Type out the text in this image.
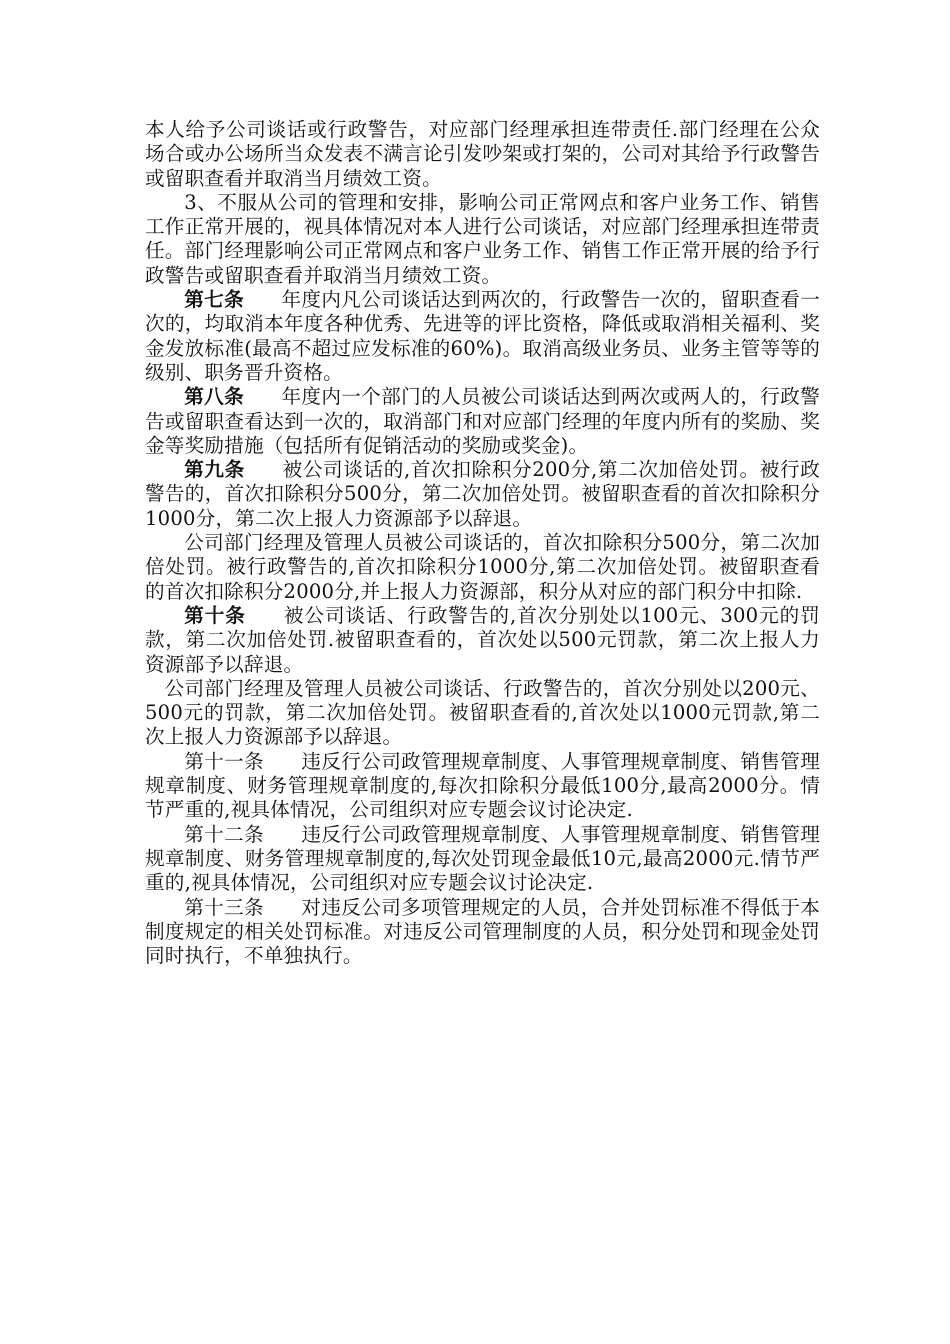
本人给予公司谈话或行政警告，对应部门经理承担连带责任.部门经理在公众场合或办公场所当众发表不满言论引发吵架或打架的，公司对其给予行政警告或留职查看并取消当月绩效工资。

3、不服从公司的管理和安排，影响公司正常网点和客户业务工作、销售工作正常开展的，视具体情况对本人进行公司谈话，对应部门经理承担连带责任。部门经理影响公司正常网点和客户业务工作、销售工作正常开展的给予行政警告或留职查看并取消当月绩效工资。

第七条 年度内凡公司谈话达到两次的，行政警告一次的，留职查看一次的，均取消本年度各种优秀、先进等的评比资格，降低或取消相关福利、奖金发放标准(最高不超过应发标准的60%)。取消高级业务员、业务主管等等的级别、职务晋升资格。

第八条 年度内一个部门的人员被公司谈话达到两次或两人的，行政警告或留职查看达到一次的，取消部门和对应部门经理的年度内所有的奖励、奖金等奖励措施（包括所有促销活动的奖励或奖金)。

第九条 被公司谈话的,首次扣除积分200分,第二次加倍处罚。被行政警告的，首次扣除积分500分，第二次加倍处罚。被留职查看的首次扣除积分1000分，第二次上报人力资源部予以辞退。

公司部门经理及管理人员被公司谈话的，首次扣除积分500分，第二次加倍处罚。被行政警告的,首次扣除积分1000分,第二次加倍处罚。被留职查看的首次扣除积分2000分,并上报人力资源部，积分从对应的部门积分中扣除.

第十条 被公司谈话、行政警告的,首次分别处以100元、300元的罚款，第二次加倍处罚.被留职查看的，首次处以500元罚款，第二次上报人力资源部予以辞退。

公司部门经理及管理人员被公司谈话、行政警告的，首次分别处以200元、500元的罚款，第二次加倍处罚。被留职查看的,首次处以1000元罚款,第二次上报人力资源部予以辞退。

第十一条 违反行公司政管理规章制度、人事管理规章制度、销售管理规章制度、财务管理规章制度的,每次扣除积分最低100分,最高2000分。情节严重的,视具体情况，公司组织对应专题会议讨论决定.

第十二条 违反行公司政管理规章制度、人事管理规章制度、销售管理规章制度、财务管理规章制度的,每次处罚现金最低10元,最高2000元.情节严重的,视具体情况，公司组织对应专题会议讨论决定.

第十三条 对违反公司多项管理规定的人员，合并处罚标准不得低于本制度规定的相关处罚标准。对违反公司管理制度的人员，积分处罚和现金处罚同时执行，不单独执行。
